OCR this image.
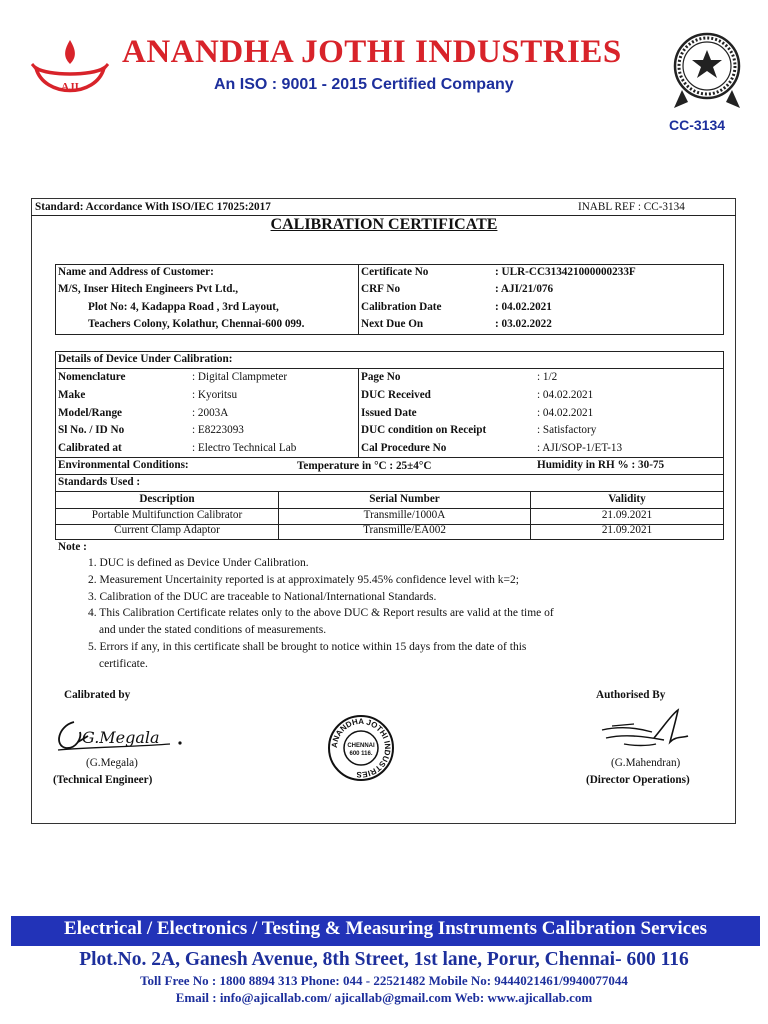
AJI
ANANDHA JOTHI INDUSTRIES
An ISO : 9001 - 2015 Certified Company
CC-3134
Standard: Accordance With ISO/IEC 17025:2017	INABL REF : CC-3134
CALIBRATION CERTIFICATE
Name and Address of Customer:
M/S, Inser Hitech Engineers Pvt Ltd.,
Plot No: 4, Kadappa Road , 3rd Layout,
Teachers Colony, Kolathur, Chennai-600 099.
Certificate No	: ULR-CC313421000000233F
CRF No	: AJI/21/076
Calibration Date	: 04.02.2021
Next Due On	: 03.02.2022
Details of Device Under Calibration:
Nomenclature	: Digital Clampmeter
Make	: Kyoritsu
Model/Range	: 2003A
Sl No. / ID No	: E8223093
Calibrated at	: Electro Technical Lab
Page No	: 1/2
DUC Received	: 04.02.2021
Issued Date	: 04.02.2021
DUC condition on Receipt	: Satisfactory
Cal Procedure No	: AJI/SOP-1/ET-13
Environmental Conditions:	Temperature in °C : 25±4°C	Humidity in RH % : 30-75
Standards Used :
Description	Serial Number	Validity
Portable Multifunction Calibrator	Transmille/1000A	21.09.2021
Current Clamp Adaptor	Transmille/EA002	21.09.2021
Note :
1. DUC is defined as Device Under Calibration.
2. Measurement Uncertainity reported is at approximately 95.45% confidence level with k=2;
3. Calibration of the DUC are traceable to National/International Standards.
4. This Calibration Certificate relates only to the above DUC & Report results are valid at the time of
and under the stated conditions of measurements.
5. Errors if any, in this certificate shall be brought to notice within 15 days from the date of this
certificate.
Calibrated by	Authorised By
G.Megala	ANANDHA JOTHI INDUSTRIES
CHENNAI
600 116.
(G.Megala)
(Technical Engineer)
(G.Mahendran)
(Director Operations)
Electrical / Electronics / Testing & Measuring Instruments Calibration Services
Plot.No. 2A, Ganesh Avenue, 8th Street, 1st lane, Porur, Chennai- 600 116
Toll Free No : 1800 8894 313 Phone: 044 - 22521482 Mobile No: 9444021461/9940077044
Email : info@ajicallab.com/ ajicallab@gmail.com Web: www.ajicallab.com
